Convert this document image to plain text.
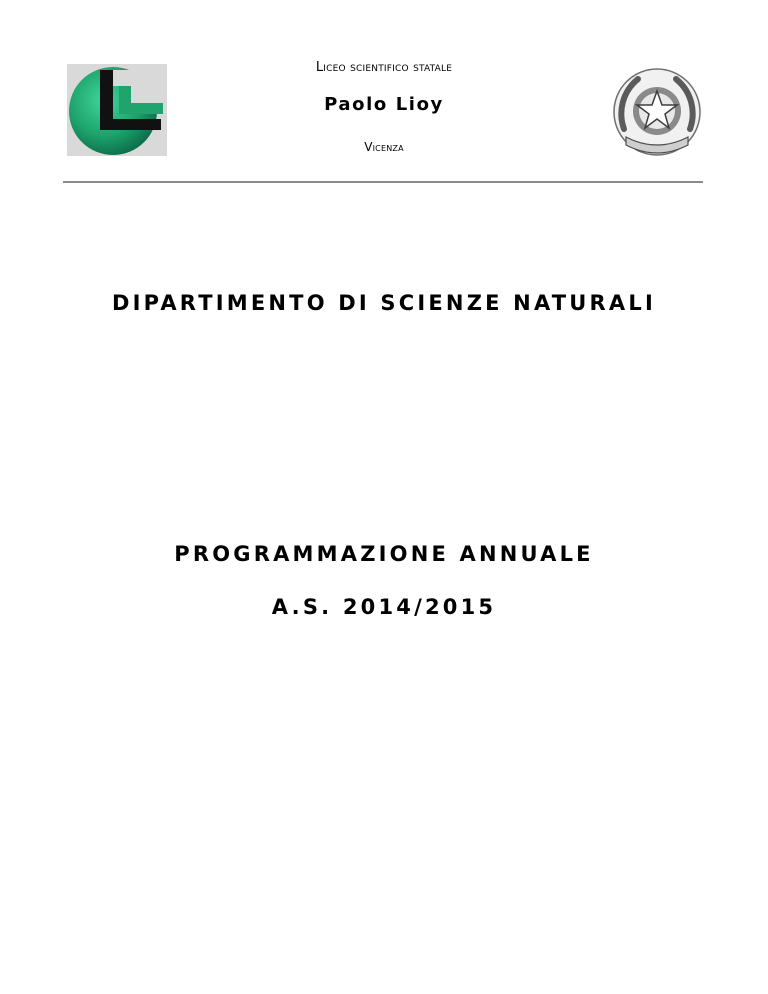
Liceo scientifico statale
Paolo Lioy
Vicenza
DIPARTIMENTO DI SCIENZE NATURALI
PROGRAMMAZIONE ANNUALE
A.S. 2014/2015
